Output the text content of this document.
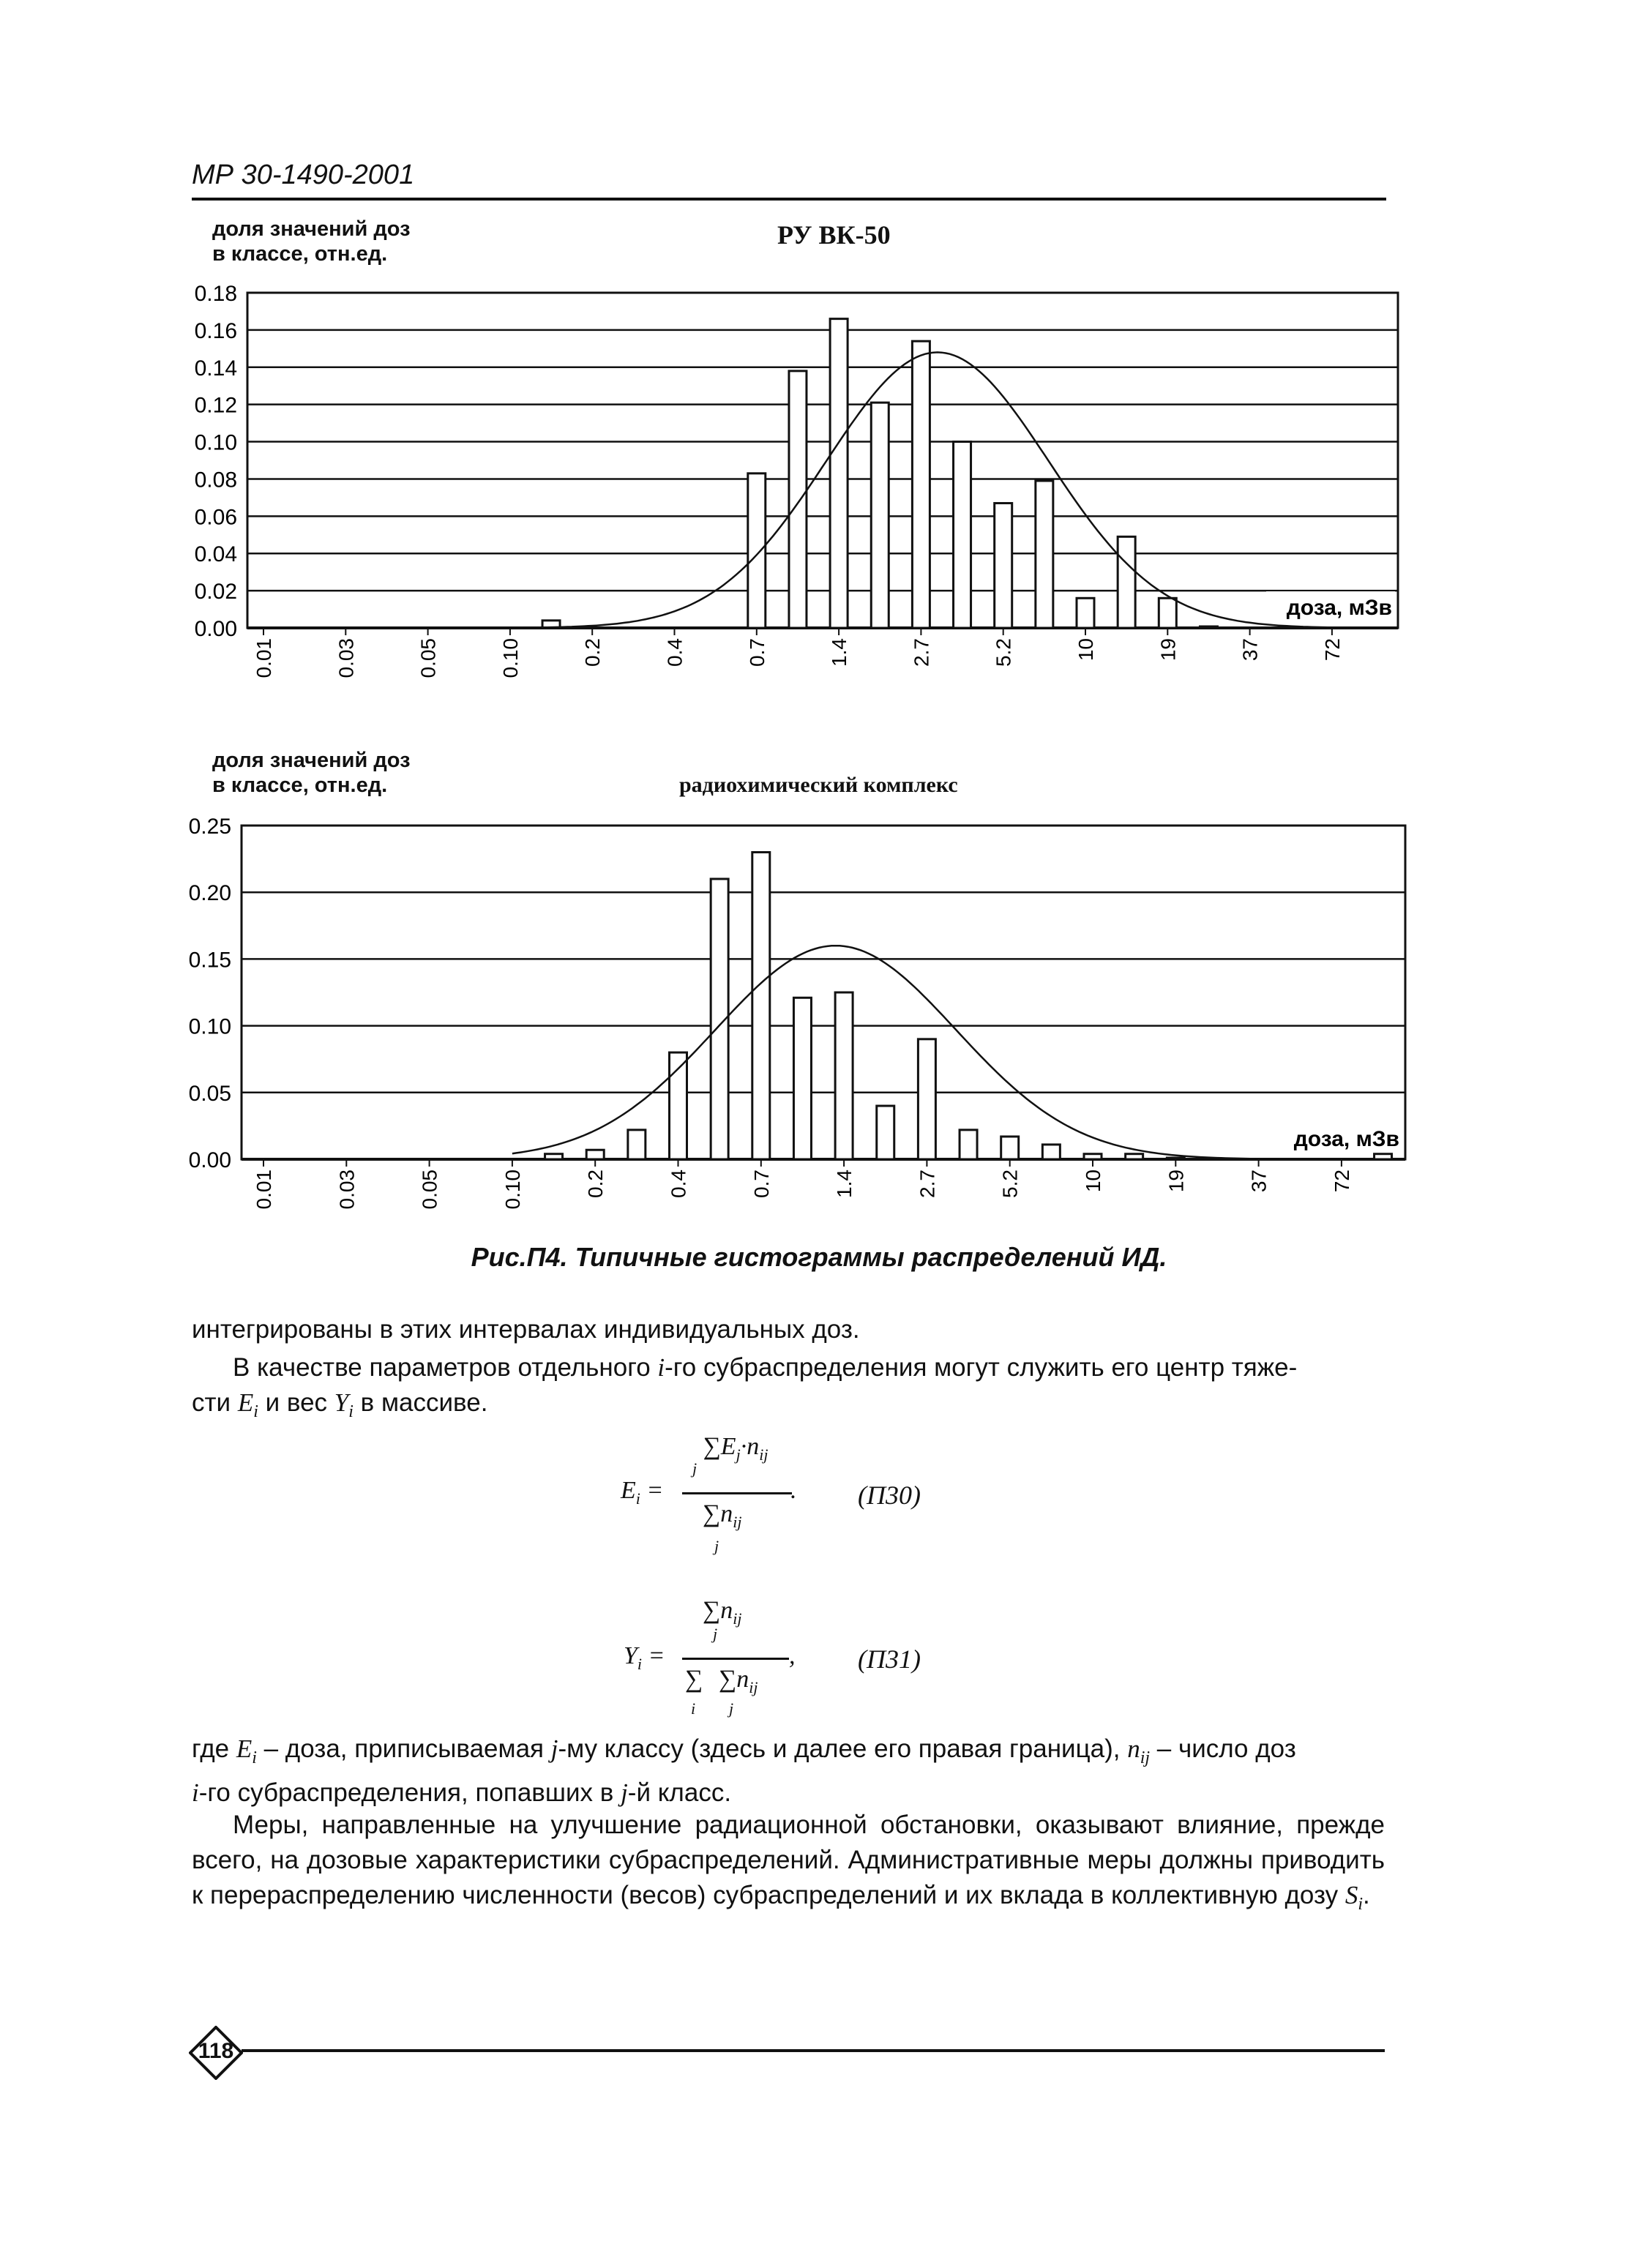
МР 30-1490-2001
0.00
0.02
0.04
0.06
0.08
0.10
0.12
0.14
0.16
0.18
0.01	0.03	0.05	0.10	0.2	0.4	0.7	1.4	2.7	5.2	10	19	37	72
доза, мЗв
0.00
0.05
0.10
0.15
0.20
0.25
0.01	0.03	0.05	0.10	0.2	0.4	0.7	1.4	2.7	5.2	10	19	37	72
доза, мЗв
доля значений доз
в классе, отн.ед.
РУ ВК-50
доля значений доз
в классе, отн.ед.	радиохимический комплекс
Рис.П4. Типичные гистограммы распределений ИД.
интегрированы в этих интервалах индивидуальных доз.
В качестве параметров отдельного i-го субраспределения могут служить его центр тяже-
сти $E_i$ и вес $Y_i$ в массиве.
$E_i$ =
$\sum E_j\cdot n_{ij}$
j
.
$\sum n_{ij}$
j
(П30)
$Y_i$ =
$\sum n_{ij}$
j
,
∑
i
$\sum n_{ij}$
j
(П31)
где $E_i$ – доза, приписываемая j-му классу (здесь и далее его правая граница), $n_{ij}$ – число доз
i-го субраспределения, попавших в j-й класс.
Меры, направленные на улучшение радиационной обстановки, оказывают влияние, прежде всего, на дозовые характеристики субраспределений. Административные меры должны приводить к перераспределению численности (весов) субраспределений и их вклада в коллективную дозу $S_i$.
118
